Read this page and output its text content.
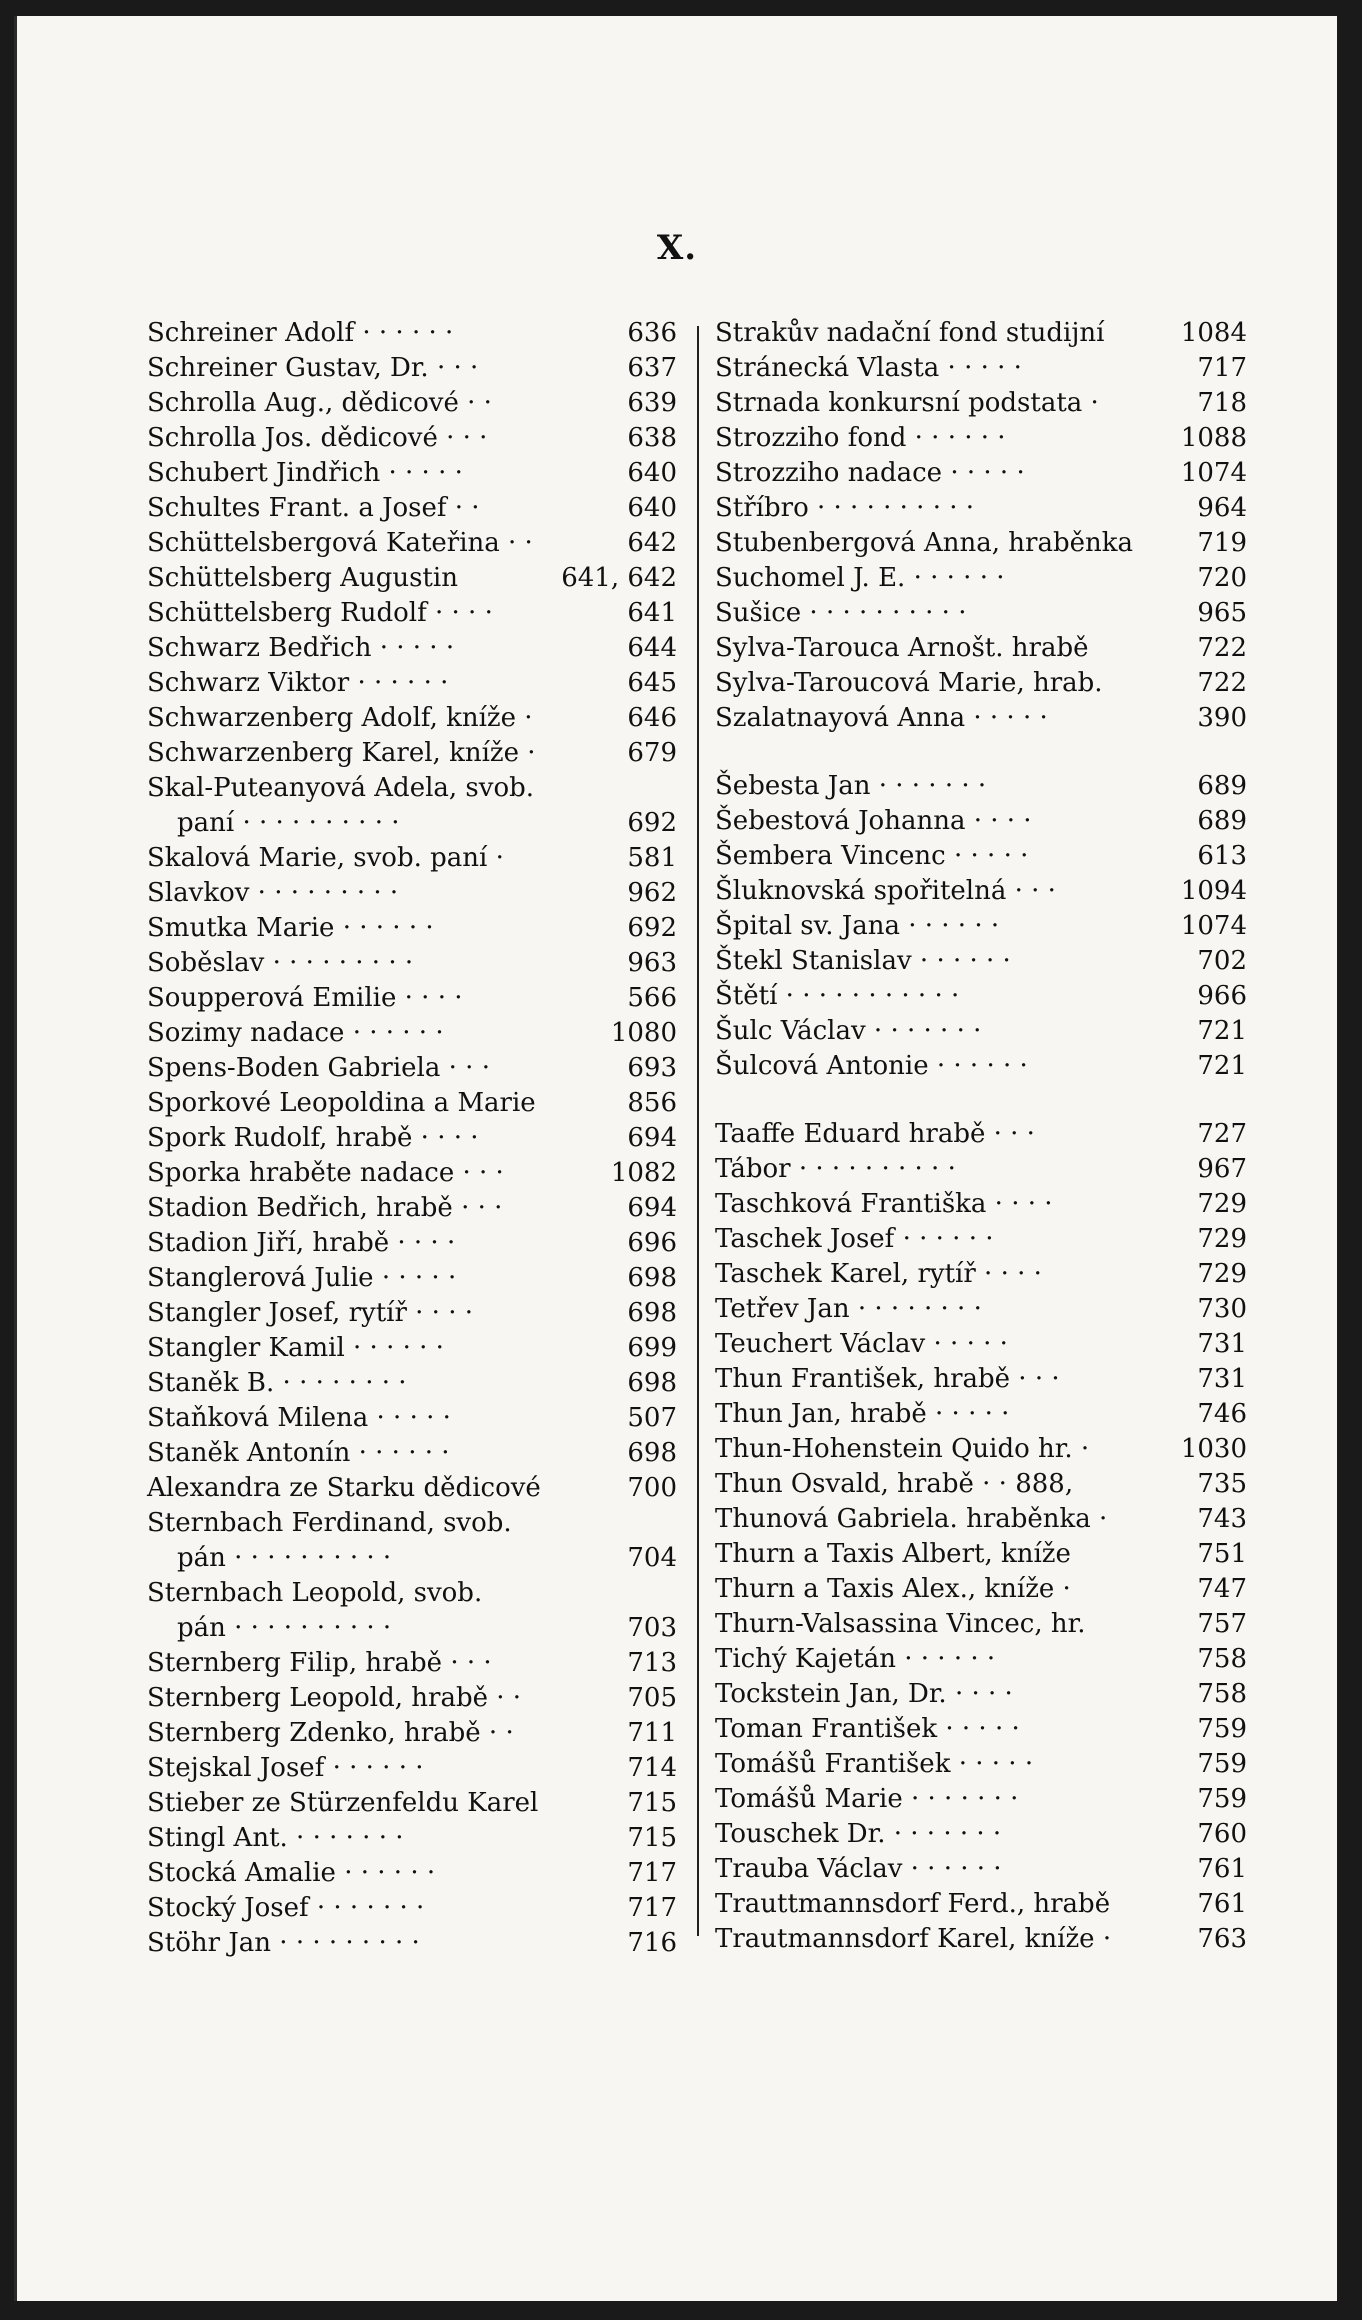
X.
Schreiner Adolf · · · · · ·	636
Schreiner Gustav, Dr. · · ·	637
Schrolla Aug., dědicové · ·	639
Schrolla Jos. dědicové · · ·	638
Schubert Jindřich · · · · ·	640
Schultes Frant. a Josef · ·	640
Schüttelsbergová Kateřina · ·	642
Schüttelsberg Augustin	641, 642
Schüttelsberg Rudolf · · · ·	641
Schwarz Bedřich · · · · ·	644
Schwarz Viktor · · · · · ·	645
Schwarzenberg Adolf, kníže ·	646
Schwarzenberg Karel, kníže ·	679
Skal-Puteanyová Adela, svob.
paní · · · · · · · · · ·	692
Skalová Marie, svob. paní ·	581
Slavkov · · · · · · · · ·	962
Smutka Marie · · · · · ·	692
Soběslav · · · · · · · · ·	963
Soupperová Emilie · · · ·	566
Sozimy nadace · · · · · ·	1080
Spens-Boden Gabriela · · ·	693
Sporkové Leopoldina a Marie	856
Spork Rudolf, hrabě · · · ·	694
Sporka hraběte nadace · · ·	1082
Stadion Bedřich, hrabě · · ·	694
Stadion Jiří, hrabě · · · ·	696
Stanglerová Julie · · · · ·	698
Stangler Josef, rytíř · · · ·	698
Stangler Kamil · · · · · ·	699
Staněk B. · · · · · · · ·	698
Staňková Milena · · · · ·	507
Staněk Antonín · · · · · ·	698
Alexandra ze Starku dědicové	700
Sternbach Ferdinand, svob.
pán · · · · · · · · · ·	704
Sternbach Leopold, svob.
pán · · · · · · · · · ·	703
Sternberg Filip, hrabě · · ·	713
Sternberg Leopold, hrabě · ·	705
Sternberg Zdenko, hrabě · ·	711
Stejskal Josef · · · · · ·	714
Stieber ze Stürzenfeldu Karel	715
Stingl Ant. · · · · · · ·	715
Stocká Amalie · · · · · ·	717
Stocký Josef · · · · · · ·	717
Stöhr Jan · · · · · · · · ·	716
Strakův nadační fond studijní	1084
Stránecká Vlasta · · · · ·	717
Strnada konkursní podstata ·	718
Strozziho fond · · · · · ·	1088
Strozziho nadace · · · · ·	1074
Stříbro · · · · · · · · · ·	964
Stubenbergová Anna, hraběnka 719
Suchomel J. E. · · · · · ·	720
Sušice · · · · · · · · · ·	965
Sylva-Tarouca Arnošt. hrabě	722
Sylva-Taroucová Marie, hrab.	722
Szalatnayová Anna · · · · ·	390
Šebesta Jan · · · · · · ·	689
Šebestová Johanna · · · ·	689
Šembera Vincenc · · · · ·	613
Šluknovská spořitelná · · ·	1094
Špital sv. Jana · · · · · ·	1074
Štekl Stanislav · · · · · ·	702
Štětí · · · · · · · · · · ·	966
Šulc Václav · · · · · · ·	721
Šulcová Antonie · · · · · ·	721
Taaffe Eduard hrabě · · ·	727
Tábor · · · · · · · · · ·	967
Taschková Františka · · · ·	729
Taschek Josef · · · · · ·	729
Taschek Karel, rytíř · · · ·	729
Tetřev Jan · · · · · · · ·	730
Teuchert Václav · · · · ·	731
Thun František, hrabě · · ·	731
Thun Jan, hrabě · · · · ·	746
Thun-Hohenstein Quido hr. ·	1030
Thun Osvald, hrabě · · 888,	735
Thunová Gabriela. hraběnka ·	743
Thurn a Taxis Albert, kníže	751
Thurn a Taxis Alex., kníže ·	747
Thurn-Valsassina Vincec, hr.	757
Tichý Kajetán · · · · · ·	758
Tockstein Jan, Dr. · · · ·	758
Toman František · · · · ·	759
Tomášů František · · · · ·	759
Tomášů Marie · · · · · · ·	759
Touschek Dr. · · · · · · ·	760
Trauba Václav · · · · · ·	761
Trauttmannsdorf Ferd., hrabě	761
Trautmannsdorf Karel, kníže ·	763
